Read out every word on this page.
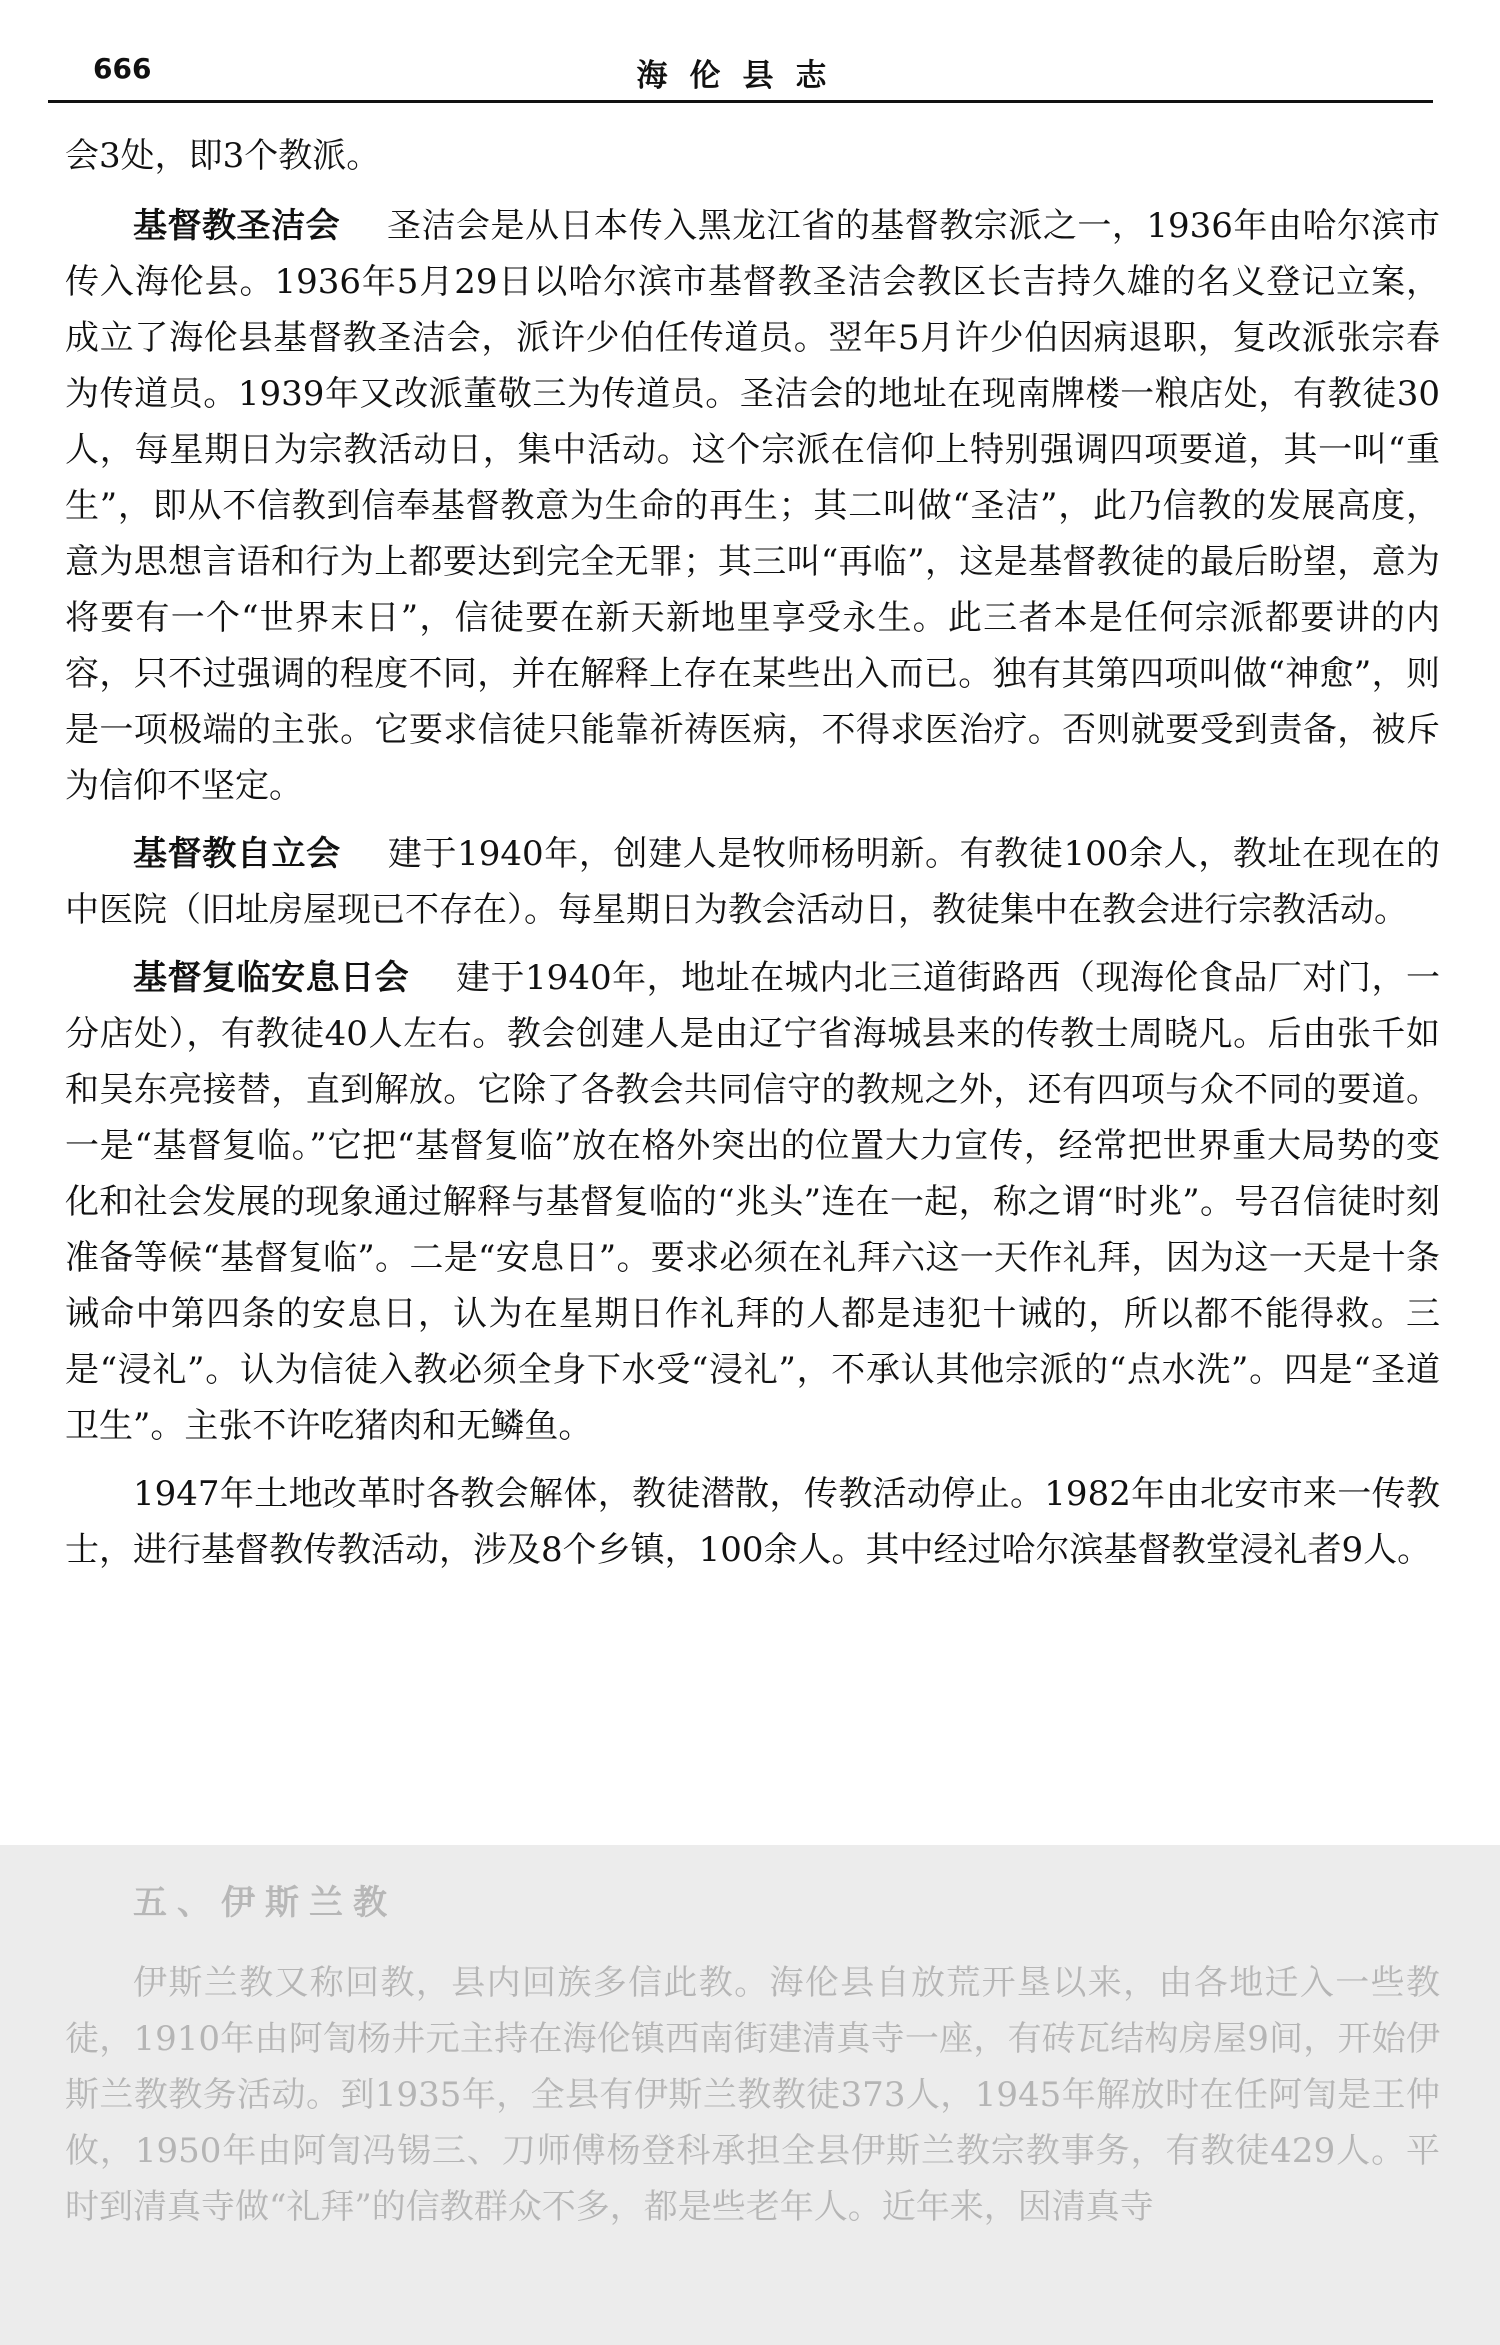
666	海伦县志

会3处，即3个教派。

基督教圣洁会 圣洁会是从日本传入黑龙江省的基督教宗派之一，1936年由哈尔滨市传入海伦县。1936年5月29日以哈尔滨市基督教圣洁会教区长吉持久雄的名义登记立案，成立了海伦县基督教圣洁会，派许少伯任传道员。翌年5月许少伯因病退职，复改派张宗春为传道员。1939年又改派董敬三为传道员。圣洁会的地址在现南牌楼一粮店处，有教徒30人，每星期日为宗教活动日，集中活动。这个宗派在信仰上特别强调四项要道，其一叫“重生”，即从不信教到信奉基督教意为生命的再生；其二叫做“圣洁”，此乃信教的发展高度，意为思想言语和行为上都要达到完全无罪；其三叫“再临”，这是基督教徒的最后盼望，意为将要有一个“世界末日”，信徒要在新天新地里享受永生。此三者本是任何宗派都要讲的内容，只不过强调的程度不同，并在解释上存在某些出入而已。独有其第四项叫做“神愈”，则是一项极端的主张。它要求信徒只能靠祈祷医病，不得求医治疗。否则就要受到责备，被斥为信仰不坚定。

基督教自立会 建于1940年，创建人是牧师杨明新。有教徒100余人，教址在现在的中医院（旧址房屋现已不存在）。每星期日为教会活动日，教徒集中在教会进行宗教活动。

基督复临安息日会 建于1940年，地址在城内北三道街路西（现海伦食品厂对门，一分店处），有教徒40人左右。教会创建人是由辽宁省海城县来的传教士周晓凡。后由张千如和吴东亮接替，直到解放。它除了各教会共同信守的教规之外，还有四项与众不同的要道。一是“基督复临。”它把“基督复临”放在格外突出的位置大力宣传，经常把世界重大局势的变化和社会发展的现象通过解释与基督复临的“兆头”连在一起，称之谓“时兆”。号召信徒时刻准备等候“基督复临”。二是“安息日”。要求必须在礼拜六这一天作礼拜，因为这一天是十条诫命中第四条的安息日，认为在星期日作礼拜的人都是违犯十诫的，所以都不能得救。三是“浸礼”。认为信徒入教必须全身下水受“浸礼”，不承认其他宗派的“点水洗”。四是“圣道卫生”。主张不许吃猪肉和无鳞鱼。

1947年土地改革时各教会解体，教徒潜散，传教活动停止。1982年由北安市来一传教士，进行基督教传教活动，涉及8个乡镇，100余人。其中经过哈尔滨基督教堂浸礼者9人。

五、伊斯兰教

伊斯兰教又称回教，县内回族多信此教。海伦县自放荒开垦以来，由各地迁入一些教徒，1910年由阿訇杨井元主持在海伦镇西南街建清真寺一座，有砖瓦结构房屋9间，开始伊斯兰教教务活动。到1935年，全县有伊斯兰教教徒373人，1945年解放时在任阿訇是王仲攸，1950年由阿訇冯锡三、刀师傅杨登科承担全县伊斯兰教宗教事务，有教徒429人。平时到清真寺做“礼拜”的信教群众不多，都是些老年人。近年来，因清真寺
